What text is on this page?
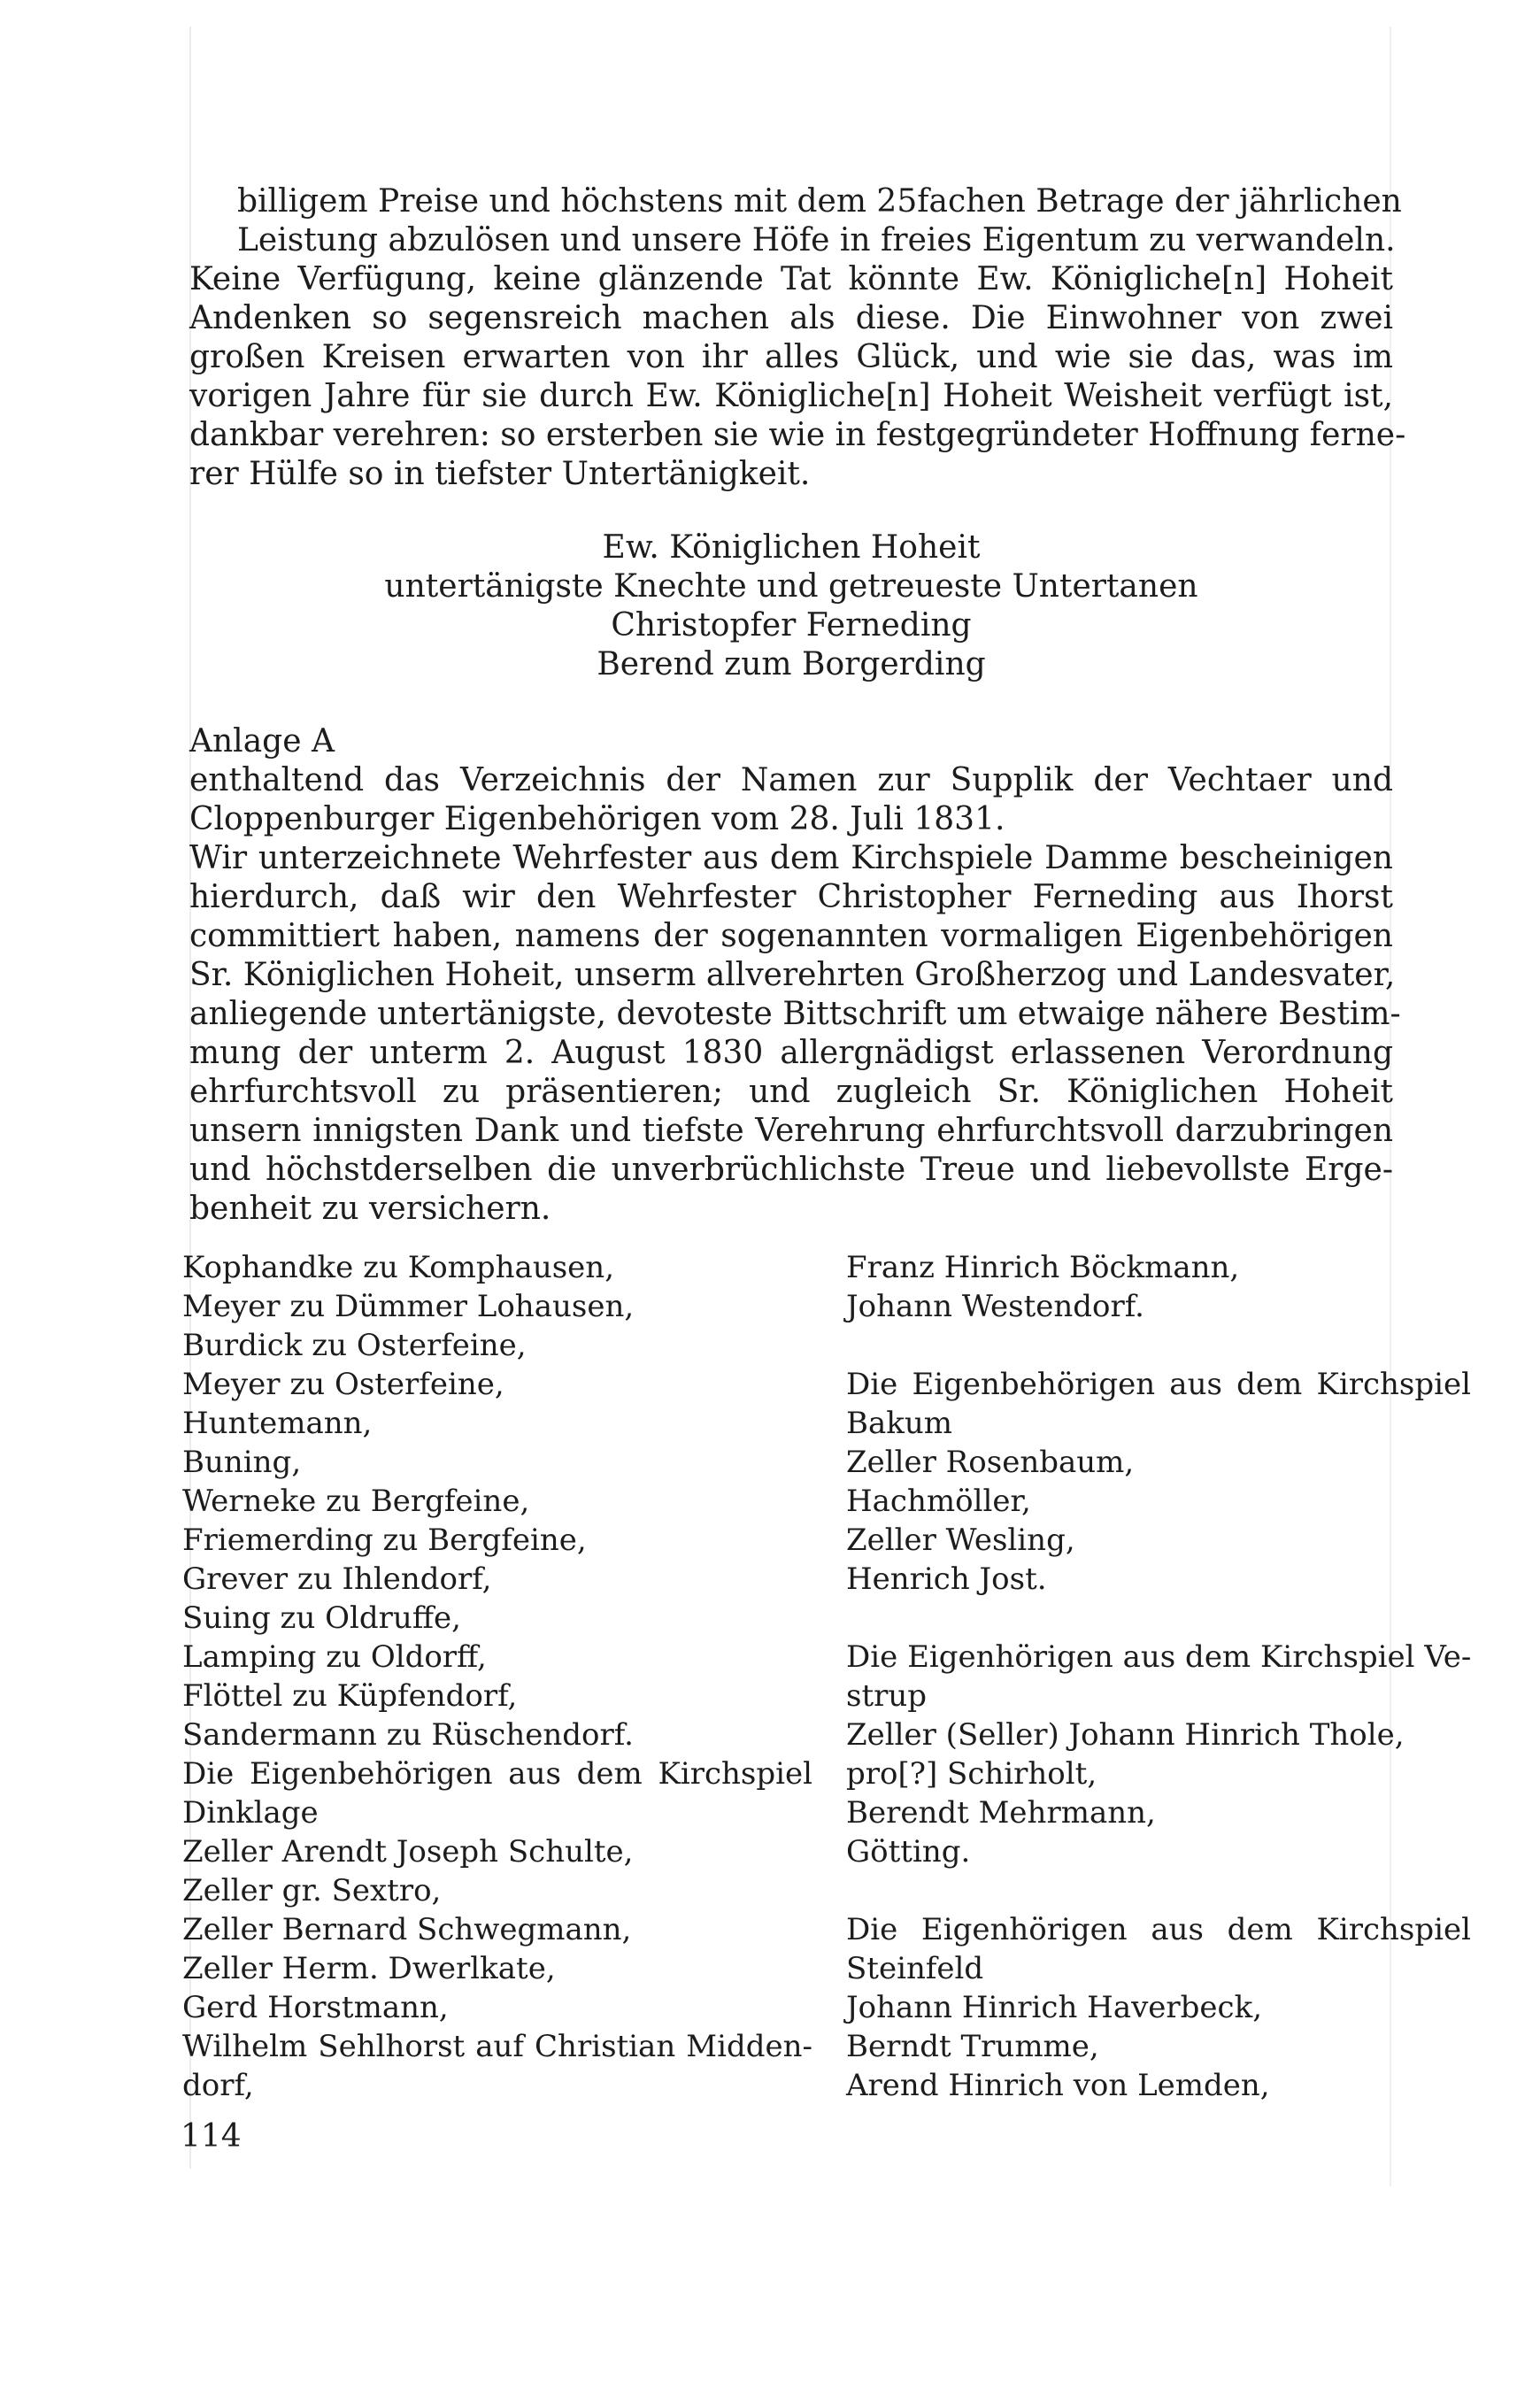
billigem Preise und höchstens mit dem 25fachen Betrage der jährlichen
Leistung abzulösen und unsere Höfe in freies Eigentum zu verwandeln.
Keine Verfügung, keine glänzende Tat könnte Ew. Königliche[n] Hoheit
Andenken so segensreich machen als diese. Die Einwohner von zwei
großen Kreisen erwarten von ihr alles Glück, und wie sie das, was im
vorigen Jahre für sie durch Ew. Königliche[n] Hoheit Weisheit verfügt ist,
dankbar verehren: so ersterben sie wie in festgegründeter Hoffnung ferne-
rer Hülfe so in tiefster Untertänigkeit.
Ew. Königlichen Hoheit
untertänigste Knechte und getreueste Untertanen
Christopfer Ferneding
Berend zum Borgerding
Anlage A
enthaltend das Verzeichnis der Namen zur Supplik der Vechtaer und
Cloppenburger Eigenbehörigen vom 28. Juli 1831.
Wir unterzeichnete Wehrfester aus dem Kirchspiele Damme bescheinigen
hierdurch, daß wir den Wehrfester Christopher Ferneding aus Ihorst
committiert haben, namens der sogenannten vormaligen Eigenbehörigen
Sr. Königlichen Hoheit, unserm allverehrten Großherzog und Landesvater,
anliegende untertänigste, devoteste Bittschrift um etwaige nähere Bestim-
mung der unterm 2. August 1830 allergnädigst erlassenen Verordnung
ehrfurchtsvoll zu präsentieren; und zugleich Sr. Königlichen Hoheit
unsern innigsten Dank und tiefste Verehrung ehrfurchtsvoll darzubringen
und höchstderselben die unverbrüchlichste Treue und liebevollste Erge-
benheit zu versichern.
Kophandke zu Komphausen,
Meyer zu Dümmer Lohausen,
Burdick zu Osterfeine,
Meyer zu Osterfeine,
Huntemann,
Buning,
Werneke zu Bergfeine,
Friemerding zu Bergfeine,
Grever zu Ihlendorf,
Suing zu Oldruffe,
Lamping zu Oldorff,
Flöttel zu Küpfendorf,
Sandermann zu Rüschendorf.
Die Eigenbehörigen aus dem Kirchspiel
Dinklage
Zeller Arendt Joseph Schulte,
Zeller gr. Sextro,
Zeller Bernard Schwegmann,
Zeller Herm. Dwerlkate,
Gerd Horstmann,
Wilhelm Sehlhorst auf Christian Midden-
dorf,
Franz Hinrich Böckmann,
Johann Westendorf.
Die Eigenbehörigen aus dem Kirchspiel
Bakum
Zeller Rosenbaum,
Hachmöller,
Zeller Wesling,
Henrich Jost.
Die Eigenhörigen aus dem Kirchspiel Ve-
strup
Zeller (Seller) Johann Hinrich Thole,
pro[?] Schirholt,
Berendt Mehrmann,
Götting.
Die Eigenhörigen aus dem Kirchspiel
Steinfeld
Johann Hinrich Haverbeck,
Berndt Trumme,
Arend Hinrich von Lemden,
114
